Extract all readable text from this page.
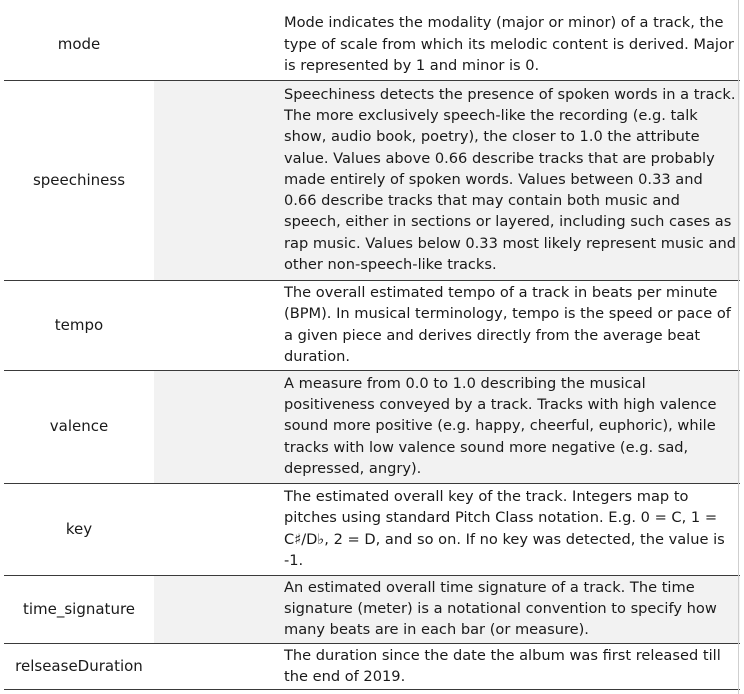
mode		Mode indicates the modality (major or minor) of a track, the type of scale from which its melodic content is derived. Major is represented by 1 and minor is 0.
speechiness		Speechiness detects the presence of spoken words in a track. The more exclusively speech-like the recording (e.g. talk show, audio book, poetry), the closer to 1.0 the attribute value. Values above 0.66 describe tracks that are probably made entirely of spoken words. Values between 0.33 and 0.66 describe tracks that may contain both music and speech, either in sections or layered, including such cases as rap music. Values below 0.33 most likely represent music and other non-speech-like tracks.
tempo		The overall estimated tempo of a track in beats per minute (BPM). In musical terminology, tempo is the speed or pace of a given piece and derives directly from the average beat duration.
valence		A measure from 0.0 to 1.0 describing the musical positiveness conveyed by a track. Tracks with high valence sound more positive (e.g. happy, cheerful, euphoric), while tracks with low valence sound more negative (e.g. sad, depressed, angry).
key		The estimated overall key of the track. Integers map to pitches using standard Pitch Class notation. E.g. 0 = C, 1 = C♯/D♭, 2 = D, and so on. If no key was detected, the value is -1.
time_signature		An estimated overall time signature of a track. The time signature (meter) is a notational convention to specify how many beats are in each bar (or measure).
relseaseDuration		The duration since the date the album was first released till the end of 2019.
